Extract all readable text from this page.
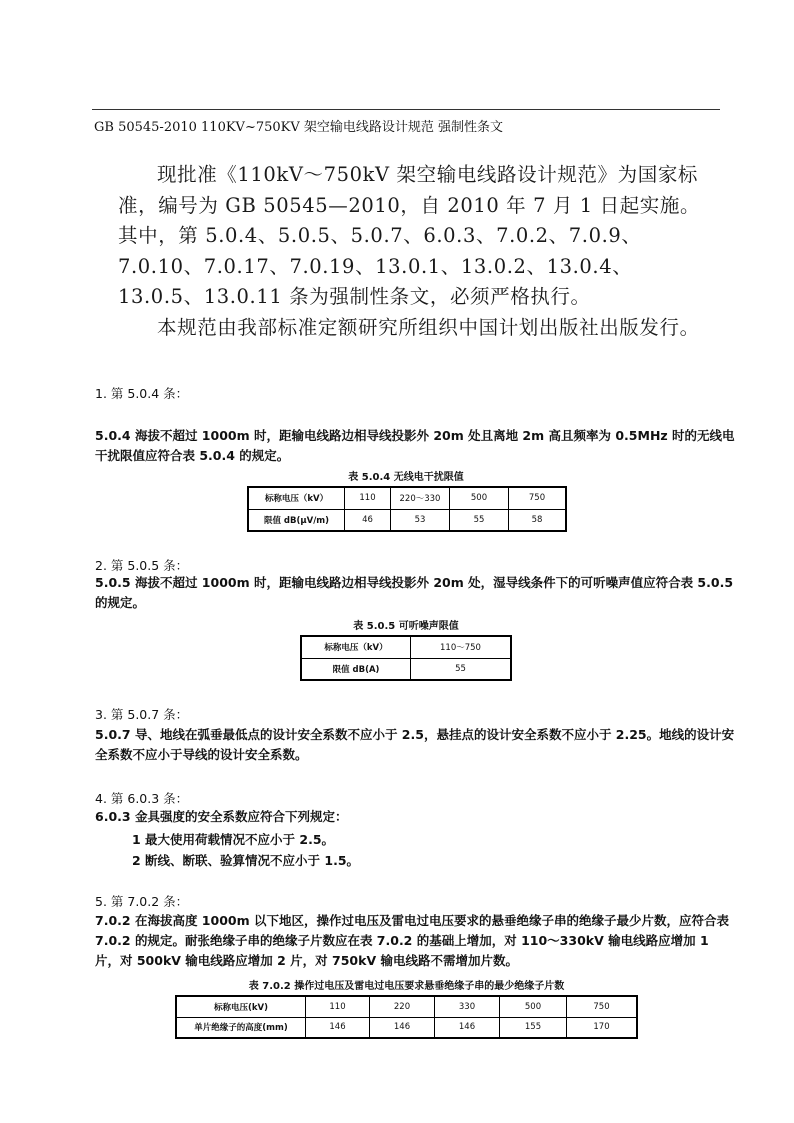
GB 50545-2010 110KV~750KV 架空输电线路设计规范 强制性条文

现批准《110kV～750kV 架空输电线路设计规范》为国家标准，编号为 GB 50545—2010，自 2010 年 7 月 1 日起实施。其中，第 5.0.4、5.0.5、5.0.7、6.0.3、7.0.2、7.0.9、7.0.10、7.0.17、7.0.19、13.0.1、13.0.2、13.0.4、13.0.5、13.0.11 条为强制性条文，必须严格执行。

本规范由我部标准定额研究所组织中国计划出版社出版发行。

1. 第 5.0.4 条：
5.0.4 海拔不超过 1000m 时，距输电线路边相导线投影外 20m 处且离地 2m 高且频率为 0.5MHz 时的无线电干扰限值应符合表 5.0.4 的规定。
表 5.0.4 无线电干扰限值
标称电压（kV）	110	220～330	500	750
限值 dB(μV/m)	46	53	55	58
2. 第 5.0.5 条：
5.0.5 海拔不超过 1000m 时，距输电线路边相导线投影外 20m 处，湿导线条件下的可听噪声值应符合表 5.0.5 的规定。
表 5.0.5 可听噪声限值
标称电压（kV）	110～750
限值 dB(A)	55
3. 第 5.0.7 条：
5.0.7 导、地线在弧垂最低点的设计安全系数不应小于 2.5，悬挂点的设计安全系数不应小于 2.25。地线的设计安全系数不应小于导线的设计安全系数。
4. 第 6.0.3 条：
6.0.3 金具强度的安全系数应符合下列规定：
1 最大使用荷载情况不应小于 2.5。
2 断线、断联、验算情况不应小于 1.5。
5. 第 7.0.2 条：
7.0.2 在海拔高度 1000m 以下地区，操作过电压及雷电过电压要求的悬垂绝缘子串的绝缘子最少片数，应符合表 7.0.2 的规定。耐张绝缘子串的绝缘子片数应在表 7.0.2 的基础上增加，对 110～330kV 输电线路应增加 1 片，对 500kV 输电线路应增加 2 片，对 750kV 输电线路不需增加片数。
表 7.0.2 操作过电压及雷电过电压要求悬垂绝缘子串的最少绝缘子片数
标称电压(kV)	110	220	330	500	750
单片绝缘子的高度(mm)	146	146	146	155	170
